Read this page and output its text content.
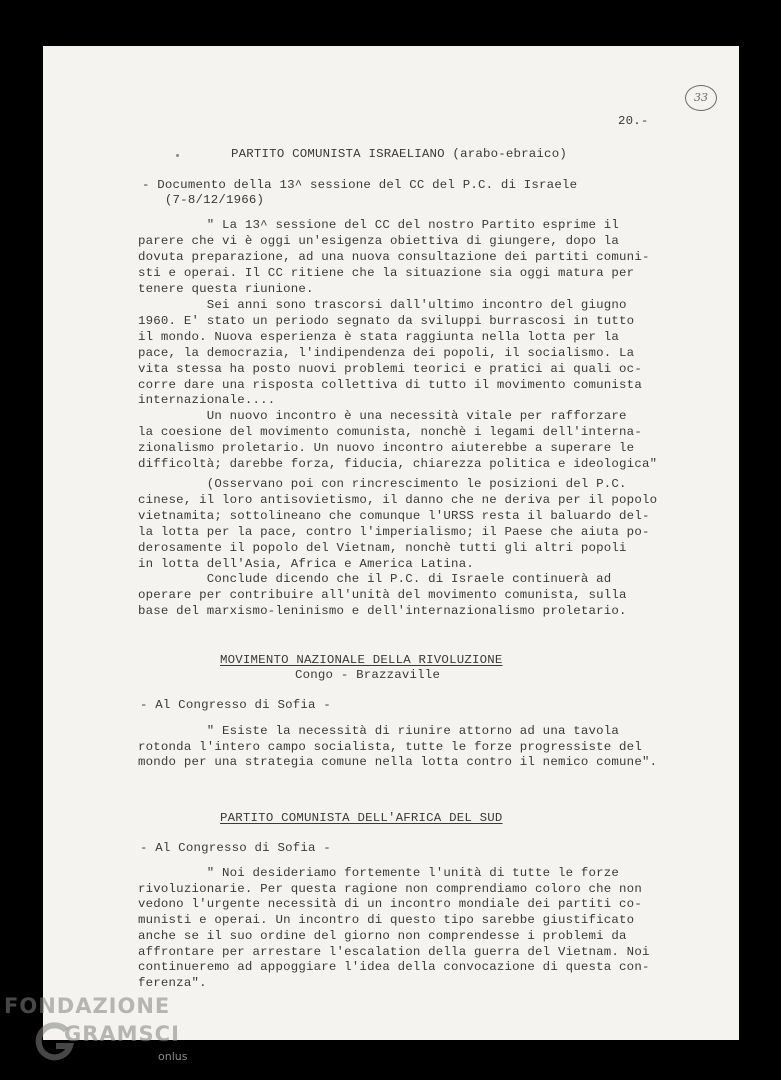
33
20.-
PARTITO COMUNISTA ISRAELIANO (arabo-ebraico)
- Documento della 13^ sessione del CC del P.C. di Israele
(7-8/12/1966)
" La 13^ sessione del CC del nostro Partito esprime il
parere che vi è oggi un'esigenza obiettiva di giungere, dopo la
dovuta preparazione, ad una nuova consultazione dei partiti comuni-
sti e operai. Il CC ritiene che la situazione sia oggi matura per
tenere questa riunione.
Sei anni sono trascorsi dall'ultimo incontro del giugno
1960. E' stato un periodo segnato da sviluppi burrascosi in tutto
il mondo. Nuova esperienza è stata raggiunta nella lotta per la
pace, la democrazia, l'indipendenza dei popoli, il socialismo. La
vita stessa ha posto nuovi problemi teorici e pratici ai quali oc-
corre dare una risposta collettiva di tutto il movimento comunista
internazionale....
Un nuovo incontro è una necessità vitale per rafforzare
la coesione del movimento comunista, nonchè i legami dell'interna-
zionalismo proletario. Un nuovo incontro aiuterebbe a superare le
difficoltà; darebbe forza, fiducia, chiarezza politica e ideologica"
(Osservano poi con rincrescimento le posizioni del P.C.
cinese, il loro antisovietismo, il danno che ne deriva per il popolo
vietnamita; sottolineano che comunque l'URSS resta il baluardo del-
la lotta per la pace, contro l'imperialismo; il Paese che aiuta po-
derosamente il popolo del Vietnam, nonchè tutti gli altri popoli
in lotta dell'Asia, Africa e America Latina.
Conclude dicendo che il P.C. di Israele continuerà ad
operare per contribuire all'unità del movimento comunista, sulla
base del marxismo-leninismo e dell'internazionalismo proletario.
MOVIMENTO NAZIONALE DELLA RIVOLUZIONE
Congo - Brazzaville
- Al Congresso di Sofia -
" Esiste la necessità di riunire attorno ad una tavola
rotonda l'intero campo socialista, tutte le forze progressiste del
mondo per una strategia comune nella lotta contro il nemico comune".
PARTITO COMUNISTA DELL'AFRICA DEL SUD
- Al Congresso di Sofia -
" Noi desideriamo fortemente l'unità di tutte le forze
rivoluzionarie. Per questa ragione non comprendiamo coloro che non
vedono l'urgente necessità di un incontro mondiale dei partiti co-
munisti e operai. Un incontro di questo tipo sarebbe giustificato
anche se il suo ordine del giorno non comprendesse i problemi da
affrontare per arrestare l'escalation della guerra del Vietnam. Noi
continueremo ad appoggiare l'idea della convocazione di questa con-
ferenza".
FONDAZIONE
GRAMSCI
onlus
